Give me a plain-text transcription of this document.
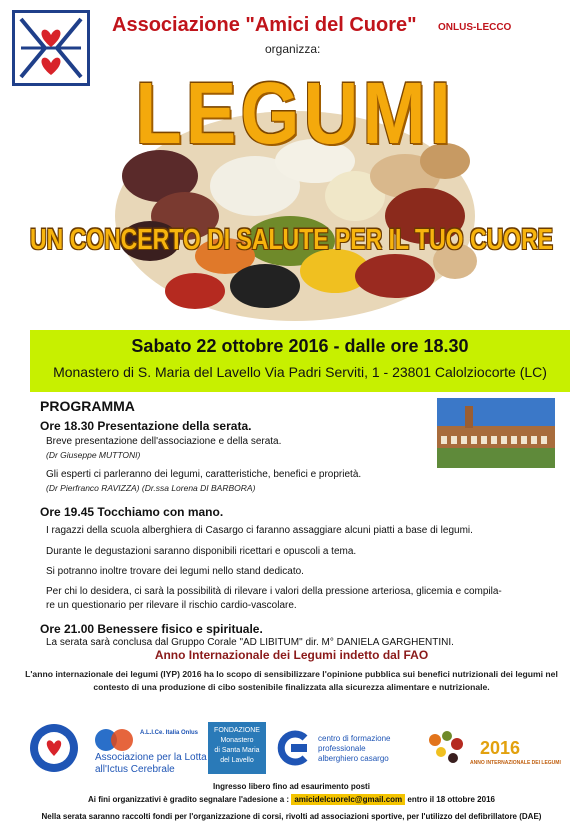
Associazione "Amici del Cuore" ONLUS-LECCO
organizza:
LEGUMI
UN CONCERTO DI SALUTE PER IL TUO CUORE
Sabato 22 ottobre 2016 - dalle ore 18.30
Monastero di S. Maria del Lavello Via Padri Serviti, 1 - 23801 Calolziocorte (LC)
PROGRAMMA
Ore 18.30 Presentazione della serata.
Breve presentazione dell'associazione e della serata.
(Dr Giuseppe MUTTONI)
Gli esperti ci parleranno dei legumi, caratteristiche, benefici e proprietà.
(Dr Pierfranco RAVIZZA) (Dr.ssa Lorena DI BARBORA)
Ore 19.45 Tocchiamo con mano.
I ragazzi della scuola alberghiera di Casargo ci faranno assaggiare alcuni piatti a base di legumi.
Durante le degustazioni saranno disponibili ricettari e opuscoli a tema.
Si potranno inoltre trovare dei legumi nello stand dedicato.
Per chi lo desidera, ci sarà la possibilità di rilevare i valori della pressione arteriosa, glicemia e compila-
re un questionario per rilevare il rischio cardio-vascolare.
Ore 21.00 Benessere fisico e spirituale.
La serata sarà conclusa dal Gruppo Corale "AD LIBITUM" dir. M° DANIELA GARGHENTINI.
Anno Internazionale dei Legumi indetto dal FAO
L'anno internazionale dei legumi (IYP) 2016 ha lo scopo di sensibilizzare l'opinione pubblica sui benefici nutrizionali dei legumi nel contesto di una produzione di cibo sostenibile finalizzata alla sicurezza alimentare e nutrizionale.
A.L.I.Ce. Italia Onlus
Associazione per la Lotta
all'Ictus Cerebrale
FONDAZIONE
Monastero
di Santa Maria
del Lavello
centro di formazione
professionale
alberghiero casargo
2016
ANNO INTERNAZIONALE DEI LEGUMI
Ingresso libero fino ad esaurimento posti
Ai fini organizzativi è gradito segnalare l'adesione a : amicidelcuorelc@gmail.com entro il 18 ottobre 2016
Nella serata saranno raccolti fondi per l'organizzazione di corsi, rivolti ad associazioni sportive, per l'utilizzo del defibrillatore (DAE)
